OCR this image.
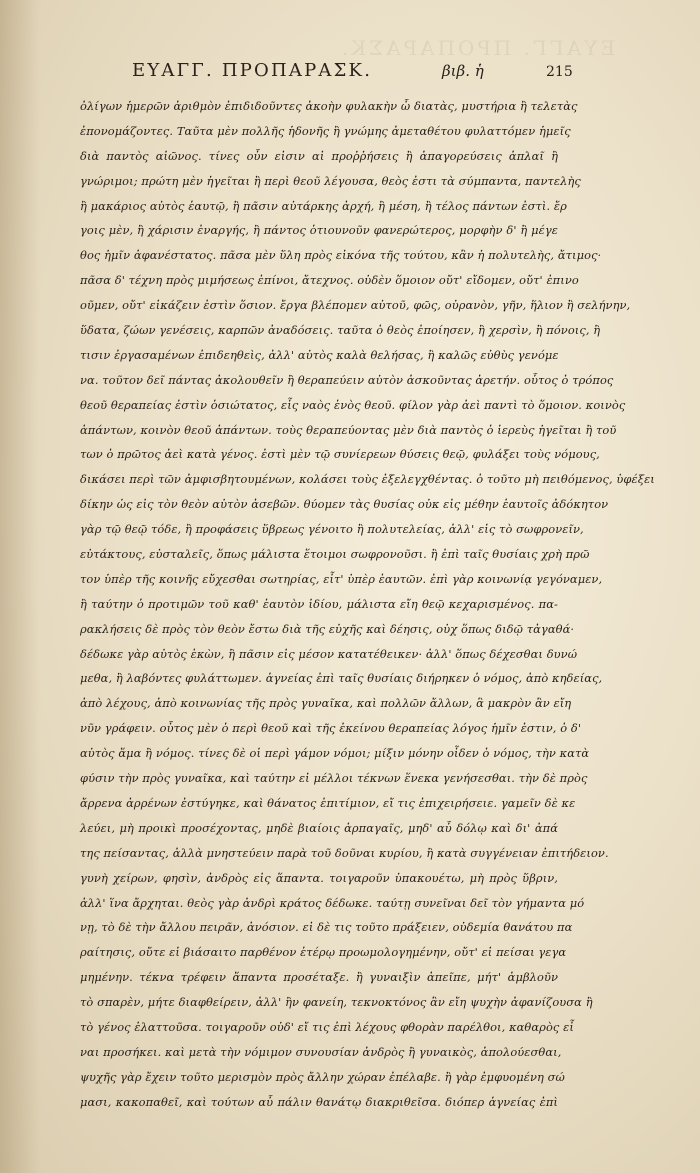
ΕΥΑΓΓ. ΠΡΟΠΑΡΑΣΚ.
ΕΥΑΓΓ. ΠΡΟΠΑΡΑΣΚ.	βιβ. ἡ	215
ὀλίγων ἡμερῶν ἀριθμὸν ἐπιδιδοῦντες ἀκοὴν φυλακὴν ὧ διατὰς, μυστήρια ἢ τελετὰς
ἐπονομάζοντες. Ταῦτα μὲν πολλῆς ἡδονῆς ἢ γνώμης ἀμεταθέτου φυλαττόμεν ἡμεῖς
διὰ παντὸς αἰῶνος. τίνες οὖν εἰσιν αἱ προῤῥήσεις ἢ ἀπαγορεύσεις ἁπλαῖ ἢ
γνώριμοι; πρώτη μὲν ἡγεῖται ἢ περὶ θεοῦ λέγουσα, θεὸς ἐστι τὰ σύμπαντα, παντελὴς
ἢ μακάριος αὐτὸς ἑαυτῷ, ἢ πᾶσιν αὐτάρκης ἀρχή, ἢ μέση, ἢ τέλος πάντων ἐστὶ. ἔρ
γοις μὲν, ἢ χάρισιν ἐναργής, ἢ πάντος ὁτιουνοῦν φανερώτερος, μορφὴν δ' ἢ μέγε
θος ἡμῖν ἀφανέστατος. πᾶσα μὲν ὕλη πρὸς εἰκόνα τῆς τούτου, κἂν ἡ πολυτελὴς, ἄτιμος·
πᾶσα δ' τέχνη πρὸς μιμήσεως ἐπίνοι, ἄτεχνος. οὐδὲν ὅμοιον οὔτ' εἴδομεν, οὔτ' ἐπινο
οῦμεν, οὔτ' εἰκάζειν ἐστὶν ὅσιον. ἔργα βλέπομεν αὐτοῦ, φῶς, οὐρανὸν, γῆν, ἥλιον ἢ σελήνην,
ὕδατα, ζώων γενέσεις, καρπῶν ἀναδόσεις. ταῦτα ὁ θεὸς ἐποίησεν, ἢ χερσὶν, ἢ πόνοις, ἢ
τισιν ἐργασαμένων ἐπιδεηθεὶς, ἀλλ' αὐτὸς καλὰ θελήσας, ἢ καλῶς εὐθὺς γενόμε
να. τοῦτον δεῖ πάντας ἀκολουθεῖν ἢ θεραπεύειν αὐτὸν ἀσκοῦντας ἀρετήν. οὗτος ὁ τρόπος
θεοῦ θεραπείας ἐστὶν ὁσιώτατος, εἷς ναὸς ἑνὸς θεοῦ. φίλον γὰρ ἀεὶ παντὶ τὸ ὅμοιον. κοινὸς
ἁπάντων, κοινὸν θεοῦ ἁπάντων. τοὺς θεραπεύοντας μὲν διὰ παντὸς ὁ ἱερεὺς ἡγεῖται ἢ τοῦ
των ὁ πρῶτος ἀεὶ κατὰ γένος. ἐστὶ μὲν τῷ συνίερεων θύσεις θεῷ, φυλάξει τοὺς νόμους,
δικάσει περὶ τῶν ἀμφισβητουμένων, κολάσει τοὺς ἐξελεγχθέντας. ὁ τοῦτο μὴ πειθόμενος, ὑφέξει
δίκην ὡς εἰς τὸν θεὸν αὐτὸν ἀσεβῶν. θύομεν τὰς θυσίας οὐκ εἰς μέθην ἑαυτοῖς ἀδόκητον
γὰρ τῷ θεῷ τόδε, ἢ προφάσεις ὕβρεως γένοιτο ἢ πολυτελείας, ἀλλ' εἰς τὸ σωφρονεῖν,
εὐτάκτους, εὐσταλεῖς, ὅπως μάλιστα ἕτοιμοι σωφρονοῦσι. ἢ ἐπὶ ταῖς θυσίαις χρὴ πρῶ
τον ὑπὲρ τῆς κοινῆς εὔχεσθαι σωτηρίας, εἶτ' ὑπὲρ ἑαυτῶν. ἐπὶ γὰρ κοινωνίᾳ γεγόναμεν,
ἢ ταύτην ὁ προτιμῶν τοῦ καθ' ἑαυτὸν ἰδίου, μάλιστα εἴη θεῷ κεχαρισμένος. πα-
ρακλήσεις δὲ πρὸς τὸν θεὸν ἔστω διὰ τῆς εὐχῆς καὶ δέησις, οὐχ ὅπως διδῷ τἀγαθά·
δέδωκε γὰρ αὐτὸς ἑκὼν, ἢ πᾶσιν εἰς μέσον κατατέθεικεν· ἀλλ' ὅπως δέχεσθαι δυνώ
μεθα, ἢ λαβόντες φυλάττωμεν. ἁγνείας ἐπὶ ταῖς θυσίαις διήρηκεν ὁ νόμος, ἀπὸ κηδείας,
ἀπὸ λέχους, ἀπὸ κοινωνίας τῆς πρὸς γυναῖκα, καὶ πολλῶν ἄλλων, ἃ μακρὸν ἂν εἴη
νῦν γράφειν. οὗτος μὲν ὁ περὶ θεοῦ καὶ τῆς ἐκείνου θεραπείας λόγος ἡμῖν ἐστιν, ὁ δ'
αὐτὸς ἅμα ἢ νόμος. τίνες δὲ οἱ περὶ γάμον νόμοι; μίξιν μόνην οἶδεν ὁ νόμος, τὴν κατὰ
φύσιν τὴν πρὸς γυναῖκα, καὶ ταύτην εἰ μέλλοι τέκνων ἕνεκα γενήσεσθαι. τὴν δὲ πρὸς
ἄρρενα ἀρρένων ἐστύγηκε, καὶ θάνατος ἐπιτίμιον, εἴ τις ἐπιχειρήσειε. γαμεῖν δὲ κε
λεύει, μὴ προικὶ προσέχοντας, μηδὲ βιαίοις ἁρπαγαῖς, μηδ' αὖ δόλῳ καὶ δι' ἀπά
της πείσαντας, ἀλλὰ μνηστεύειν παρὰ τοῦ δοῦναι κυρίου, ἢ κατὰ συγγένειαν ἐπιτήδειον.
γυνὴ χείρων, φησὶν, ἀνδρὸς εἰς ἅπαντα. τοιγαροῦν ὑπακουέτω, μὴ πρὸς ὕβριν,
ἀλλ' ἵνα ἄρχηται. θεὸς γὰρ ἀνδρὶ κράτος δέδωκε. ταύτῃ συνεῖναι δεῖ τὸν γήμαντα μό
νῃ, τὸ δὲ τὴν ἄλλου πειρᾶν, ἀνόσιον. εἰ δὲ τις τοῦτο πράξειεν, οὐδεμία θανάτου πα
ραίτησις, οὔτε εἰ βιάσαιτο παρθένον ἑτέρῳ προωμολογημένην, οὔτ' εἰ πείσαι γεγα
μημένην. τέκνα τρέφειν ἅπαντα προσέταξε. ἢ γυναιξὶν ἀπεῖπε, μήτ' ἀμβλοῦν
τὸ σπαρὲν, μήτε διαφθείρειν, ἀλλ' ἢν φανείη, τεκνοκτόνος ἂν εἴη ψυχὴν ἀφανίζουσα ἢ
τὸ γένος ἐλαττοῦσα. τοιγαροῦν οὐδ' εἴ τις ἐπὶ λέχους φθορὰν παρέλθοι, καθαρὸς εἶ
ναι προσήκει. καὶ μετὰ τὴν νόμιμον συνουσίαν ἀνδρὸς ἢ γυναικὸς, ἀπολούεσθαι,
ψυχῆς γὰρ ἔχειν τοῦτο μερισμὸν πρὸς ἄλλην χώραν ἐπέλαβε. ἢ γὰρ ἐμφυομένη σώ
μασι, κακοπαθεῖ, καὶ τούτων αὖ πάλιν θανάτῳ διακριθεῖσα. διόπερ ἁγνείας ἐπὶ
